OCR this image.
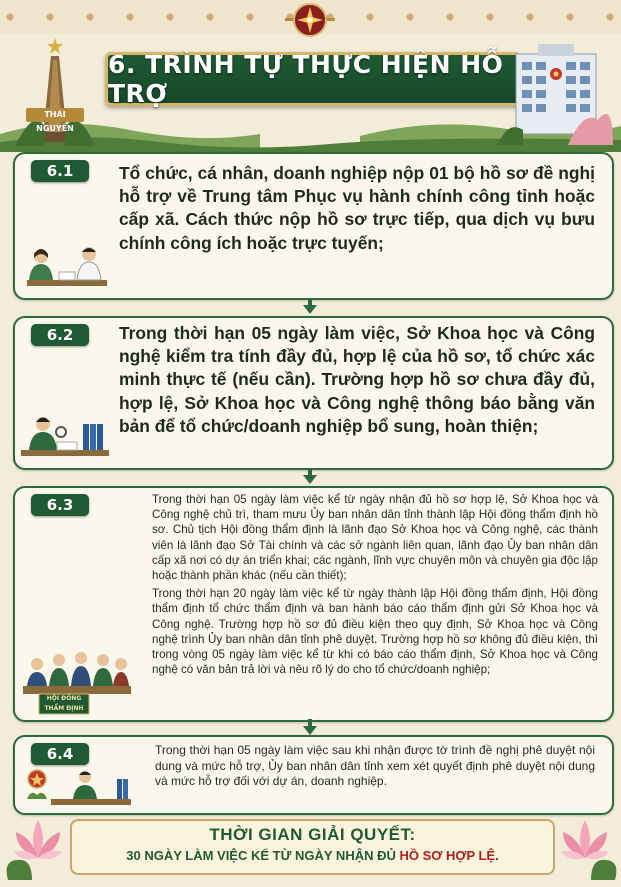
THÁI NGUYÊN
6. TRÌNH TỰ THỰC HIỆN HỖ TRỢ
6.1	Tổ chức, cá nhân, doanh nghiệp nộp 01 bộ hồ sơ đề nghị hỗ trợ về Trung tâm Phục vụ hành chính công tỉnh hoặc cấp xã. Cách thức nộp hồ sơ trực tiếp, qua dịch vụ bưu chính công ích hoặc trực tuyến;
6.2	Trong thời hạn 05 ngày làm việc, Sở Khoa học và Công nghệ kiểm tra tính đầy đủ, hợp lệ của hồ sơ, tổ chức xác minh thực tế (nếu cần). Trường hợp hồ sơ chưa đầy đủ, hợp lệ, Sở Khoa học và Công nghệ thông báo bằng văn bản để tổ chức/doanh nghiệp bổ sung, hoàn thiện;
6.3
HỘI ĐỒNG THẨM ĐỊNH

Trong thời hạn 05 ngày làm việc kể từ ngày nhận đủ hồ sơ hợp lệ, Sở Khoa học và Công nghệ chủ trì, tham mưu Ủy ban nhân dân tỉnh thành lập Hội đồng thẩm định hồ sơ. Chủ tịch Hội đồng thẩm định là lãnh đạo Sở Khoa học và Công nghệ, các thành viên là lãnh đạo Sở Tài chính và các sở ngành liên quan, lãnh đạo Ủy ban nhân dân cấp xã nơi có dự án triển khai; các ngành, lĩnh vực chuyên môn và chuyên gia độc lập hoặc thành phần khác (nếu cần thiết);

Trong thời hạn 20 ngày làm việc kể từ ngày thành lập Hội đồng thẩm định, Hội đồng thẩm định tổ chức thẩm định và ban hành báo cáo thẩm định gửi Sở Khoa học và Công nghệ. Trường hợp hồ sơ đủ điều kiện theo quy định, Sở Khoa học và Công nghệ trình Ủy ban nhân dân tỉnh phê duyệt. Trường hợp hồ sơ không đủ điều kiện, thì trong vòng 05 ngày làm việc kể từ khi có báo cáo thẩm định, Sở Khoa học và Công nghệ có văn bản trả lời và nêu rõ lý do cho tổ chức/doanh nghiệp;

6.4	Trong thời hạn 05 ngày làm việc sau khi nhận được tờ trình đề nghị phê duyệt nội dung và mức hỗ trợ, Ủy ban nhân dân tỉnh xem xét quyết định phê duyệt nội dung và mức hỗ trợ đối với dự án, doanh nghiệp.
THỜI GIAN GIẢI QUYẾT:
30 NGÀY LÀM VIỆC KỂ TỪ NGÀY NHẬN ĐỦ HỒ SƠ HỢP LỆ.
